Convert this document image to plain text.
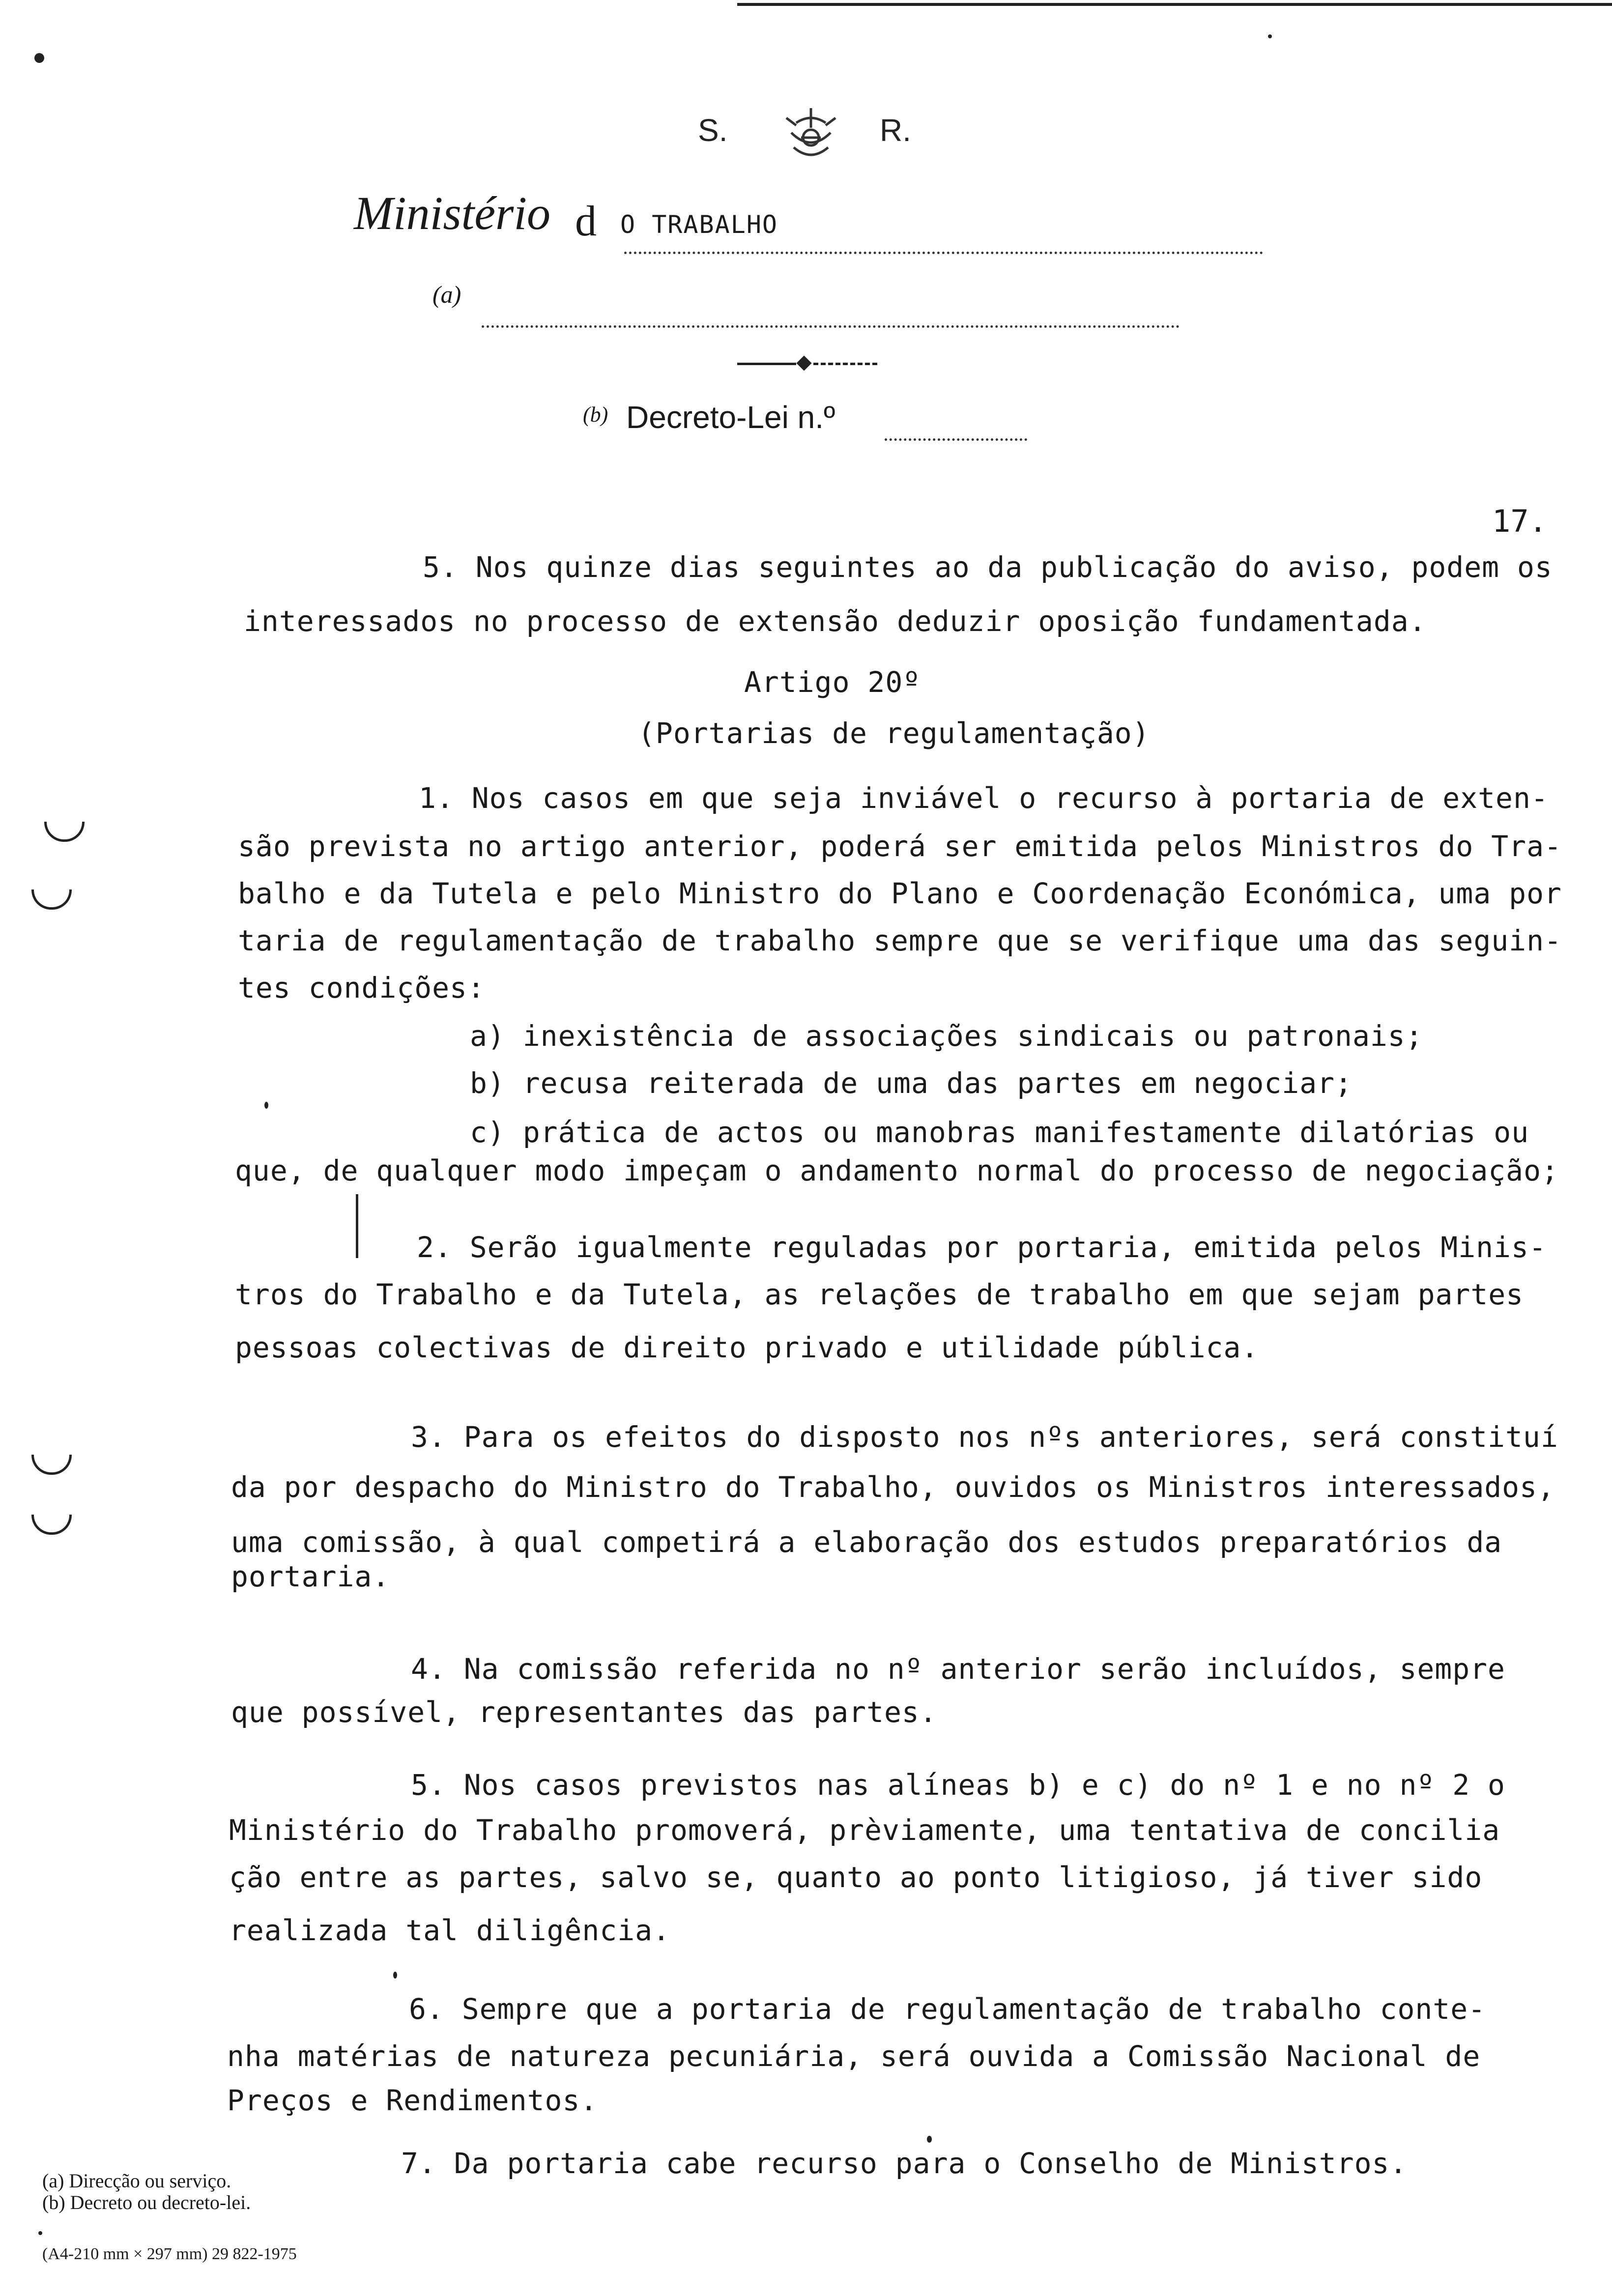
S.	R.
Ministério d O TRABALHO
(a)
(b) Decreto-Lei n.º
17.
5. Nos quinze dias seguintes ao da publicação do aviso, podem os
interessados no processo de extensão deduzir oposição fundamentada.
Artigo 20º
(Portarias de regulamentação)
1. Nos casos em que seja inviável o recurso à portaria de exten-
são prevista no artigo anterior, poderá ser emitida pelos Ministros do Tra-
balho e da Tutela e pelo Ministro do Plano e Coordenação Económica, uma por
taria de regulamentação de trabalho sempre que se verifique uma das seguin-
tes condições:
a) inexistência de associações sindicais ou patronais;
b) recusa reiterada de uma das partes em negociar;
c) prática de actos ou manobras manifestamente dilatórias ou
que, de qualquer modo impeçam o andamento normal do processo de negociação;
2. Serão igualmente reguladas por portaria, emitida pelos Minis-
tros do Trabalho e da Tutela, as relações de trabalho em que sejam partes
pessoas colectivas de direito privado e utilidade pública.
3. Para os efeitos do disposto nos nºs anteriores, será constituí
da por despacho do Ministro do Trabalho, ouvidos os Ministros interessados,
uma comissão, à qual competirá a elaboração dos estudos preparatórios da
portaria.
4. Na comissão referida no nº anterior serão incluídos, sempre
que possível, representantes das partes.
5. Nos casos previstos nas alíneas b) e c) do nº 1 e no nº 2 o
Ministério do Trabalho promoverá, prèviamente, uma tentativa de concilia
ção entre as partes, salvo se, quanto ao ponto litigioso, já tiver sido
realizada tal diligência.
6. Sempre que a portaria de regulamentação de trabalho conte-
nha matérias de natureza pecuniária, será ouvida a Comissão Nacional de
Preços e Rendimentos.
7. Da portaria cabe recurso para o Conselho de Ministros.
(a) Direcção ou serviço.
(b) Decreto ou decreto-lei.
(A4-210 mm × 297 mm) 29 822-1975
